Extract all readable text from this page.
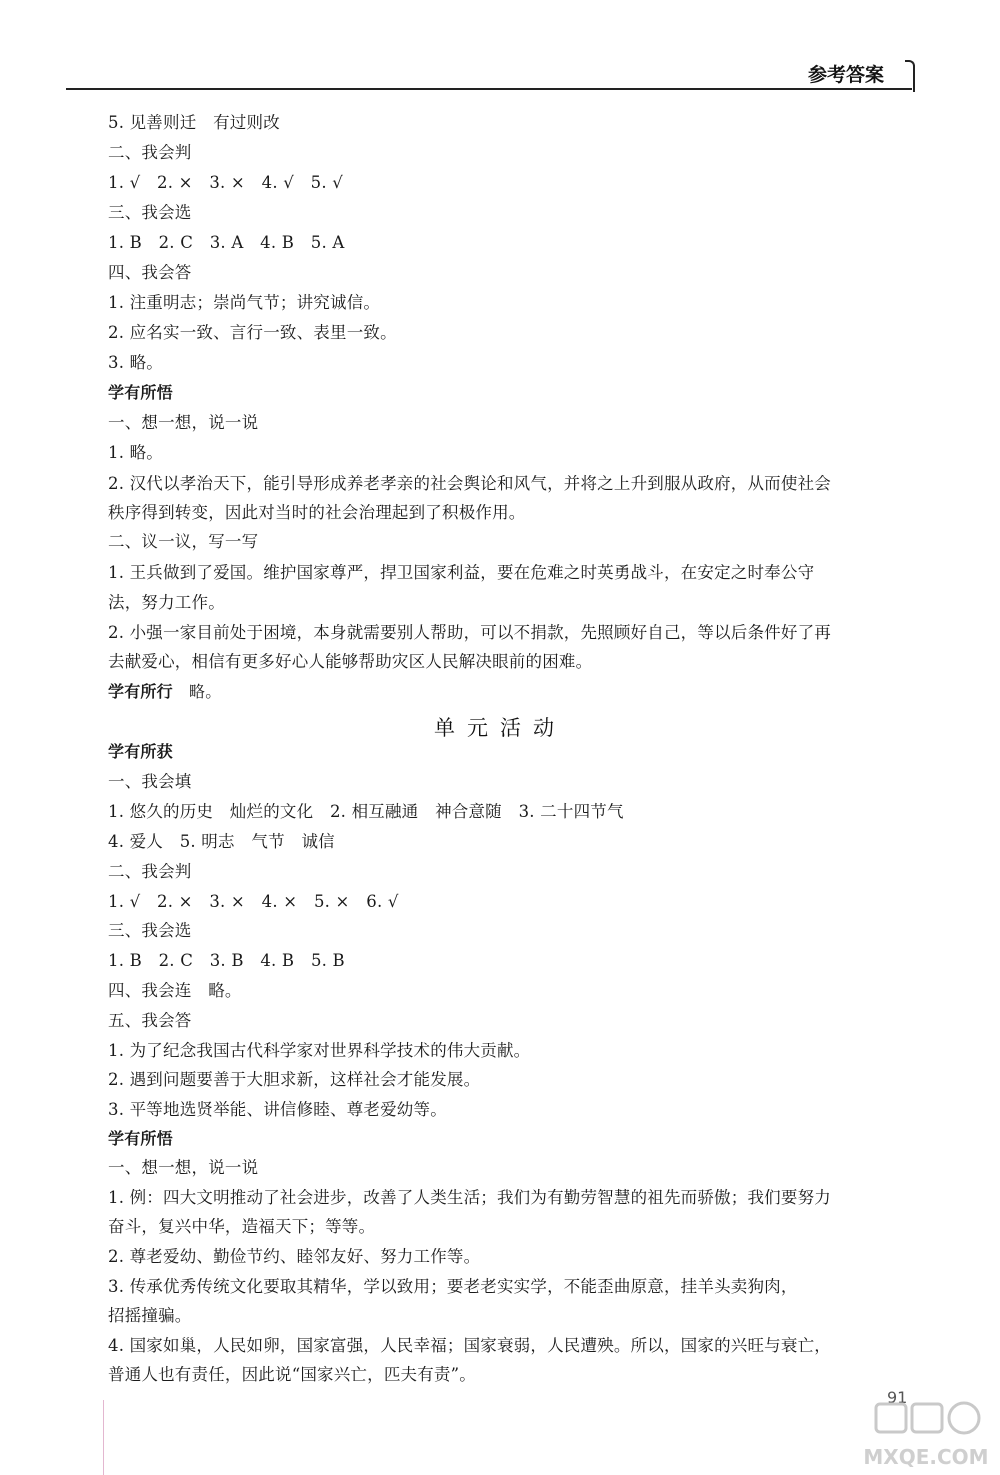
参考答案
5. 见善则迁　有过则改
二、我会判
1. √　2. ×　3. ×　4. √　5. √
三、我会选
1. B　2. C　3. A　4. B　5. A
四、我会答
1. 注重明志；崇尚气节；讲究诚信。
2. 应名实一致、言行一致、表里一致。
3. 略。
学有所悟
一、想一想，说一说
1. 略。
2. 汉代以孝治天下，能引导形成养老孝亲的社会舆论和风气，并将之上升到服从政府，从而使社会
秩序得到转变，因此对当时的社会治理起到了积极作用。
二、议一议，写一写
1. 王兵做到了爱国。维护国家尊严，捍卫国家利益，要在危难之时英勇战斗，在安定之时奉公守
法，努力工作。
2. 小强一家目前处于困境，本身就需要别人帮助，可以不捐款，先照顾好自己，等以后条件好了再
去献爱心，相信有更多好心人能够帮助灾区人民解决眼前的困难。
学有所行　略。
单元活动
学有所获
一、我会填
1. 悠久的历史　灿烂的文化　2. 相互融通　神合意随　3. 二十四节气
4. 爱人　5. 明志　气节　诚信
二、我会判
1. √　2. ×　3. ×　4. ×　5. ×　6. √
三、我会选
1. B　2. C　3. B　4. B　5. B
四、我会连　略。
五、我会答
1. 为了纪念我国古代科学家对世界科学技术的伟大贡献。
2. 遇到问题要善于大胆求新，这样社会才能发展。
3. 平等地选贤举能、讲信修睦、尊老爱幼等。
学有所悟
一、想一想，说一说
1. 例：四大文明推动了社会进步，改善了人类生活；我们为有勤劳智慧的祖先而骄傲；我们要努力
奋斗，复兴中华，造福天下；等等。
2. 尊老爱幼、勤俭节约、睦邻友好、努力工作等。
3. 传承优秀传统文化要取其精华，学以致用；要老老实实学，不能歪曲原意，挂羊头卖狗肉，
招摇撞骗。
4. 国家如巢，人民如卵，国家富强，人民幸福；国家衰弱，人民遭殃。所以，国家的兴旺与衰亡，
普通人也有责任，因此说“国家兴亡，匹夫有责”。
91
MXQE.COM
